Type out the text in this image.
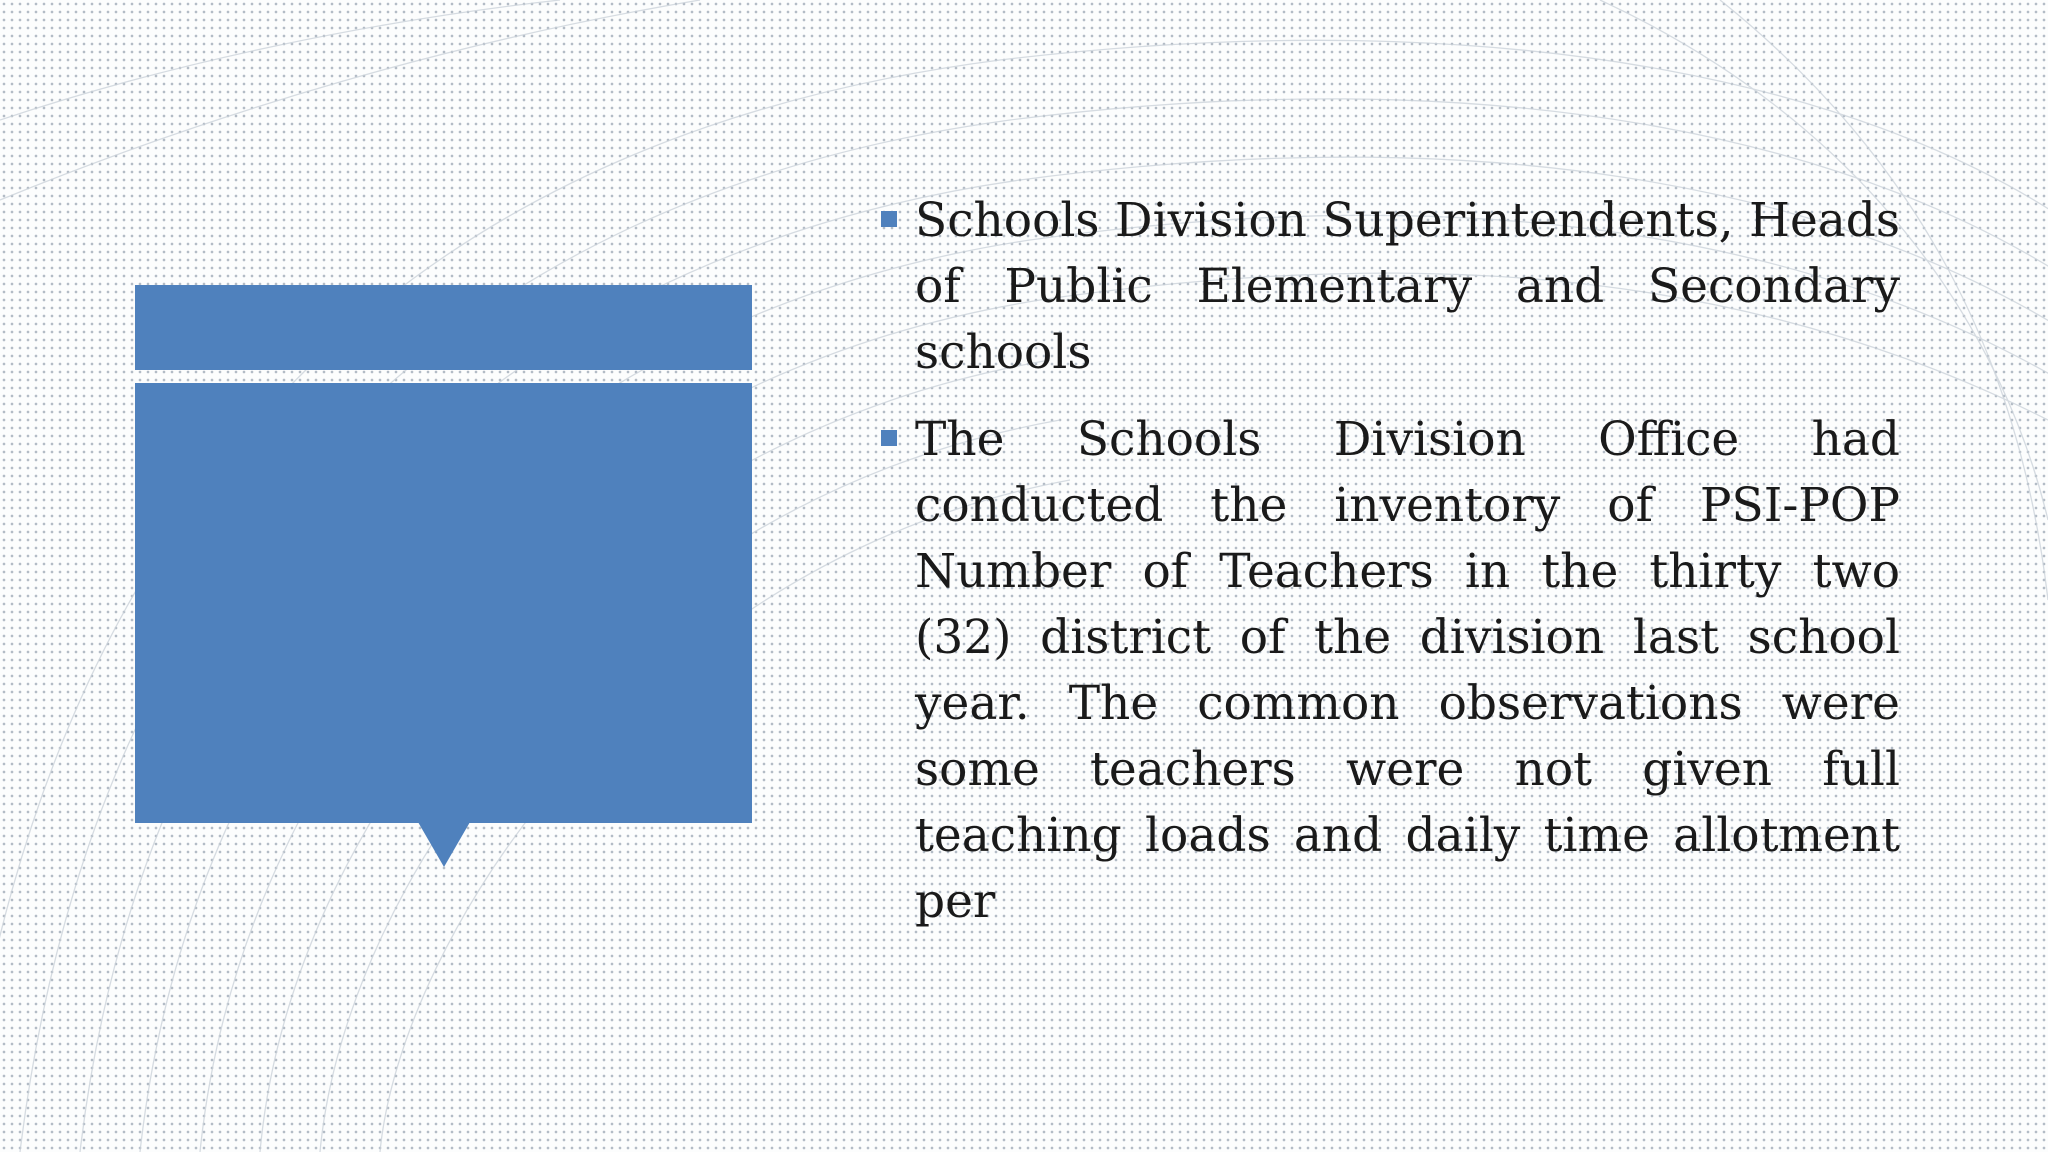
Schools Division Superintendents, Heads of Public Elementary and Secondary schools
The Schools Division Office had conducted the inventory of PSI-POP Number of Teachers in the thirty two (32) district of the division last school year. The common observations were some teachers were not given full teaching loads and daily time allotment per
